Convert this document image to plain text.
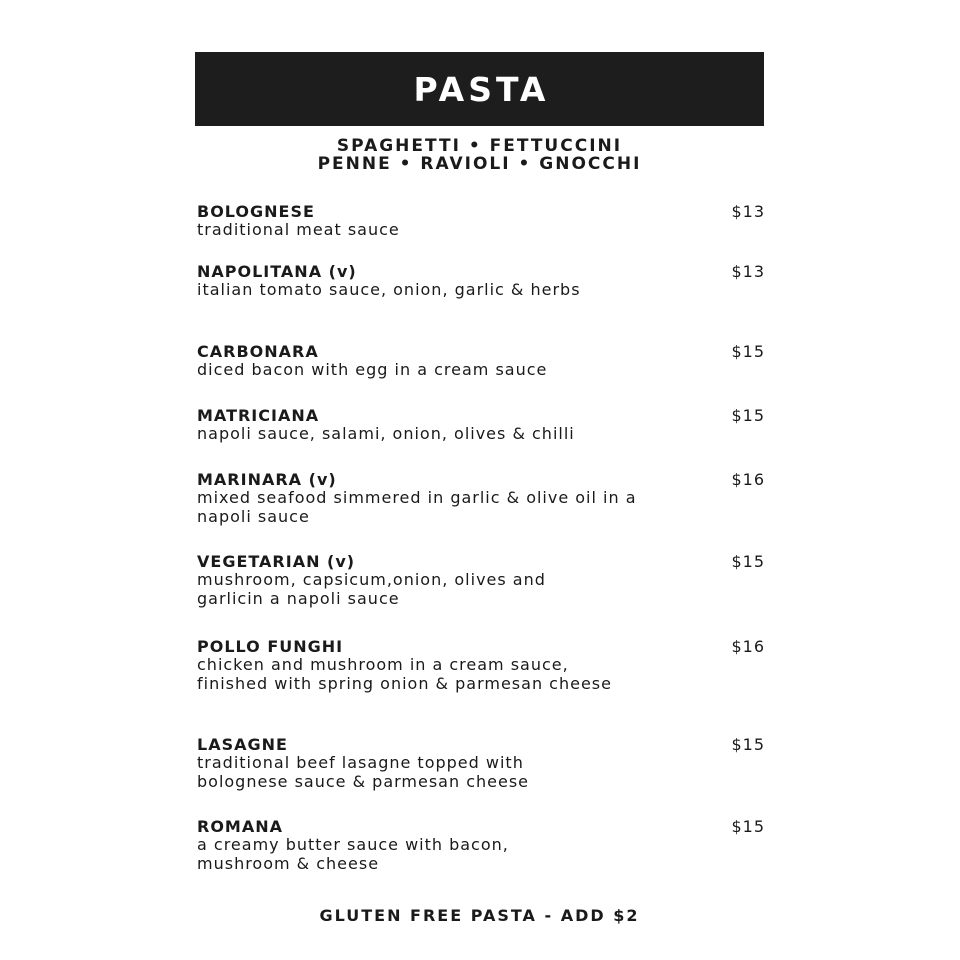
PASTA
SPAGHETTI • FETTUCCINI
PENNE • RAVIOLI • GNOCCHI
BOLOGNESE
traditional meat sauce
$13
NAPOLITANA (v)
italian tomato sauce, onion, garlic & herbs
$13
CARBONARA
diced bacon with egg in a cream sauce
$15
MATRICIANA
napoli sauce, salami, onion, olives & chilli
$15
MARINARA (v)
mixed seafood simmered in garlic & olive oil in a napoli sauce
$16
VEGETARIAN (v)
mushroom, capsicum,onion, olives and garlicin a napoli sauce
$15
POLLO FUNGHI
chicken and mushroom in a cream sauce, finished with spring onion & parmesan cheese
$16
LASAGNE
traditional beef lasagne topped with bolognese sauce & parmesan cheese
$15
ROMANA
a creamy butter sauce with bacon, mushroom & cheese
$15
GLUTEN FREE PASTA - ADD $2
